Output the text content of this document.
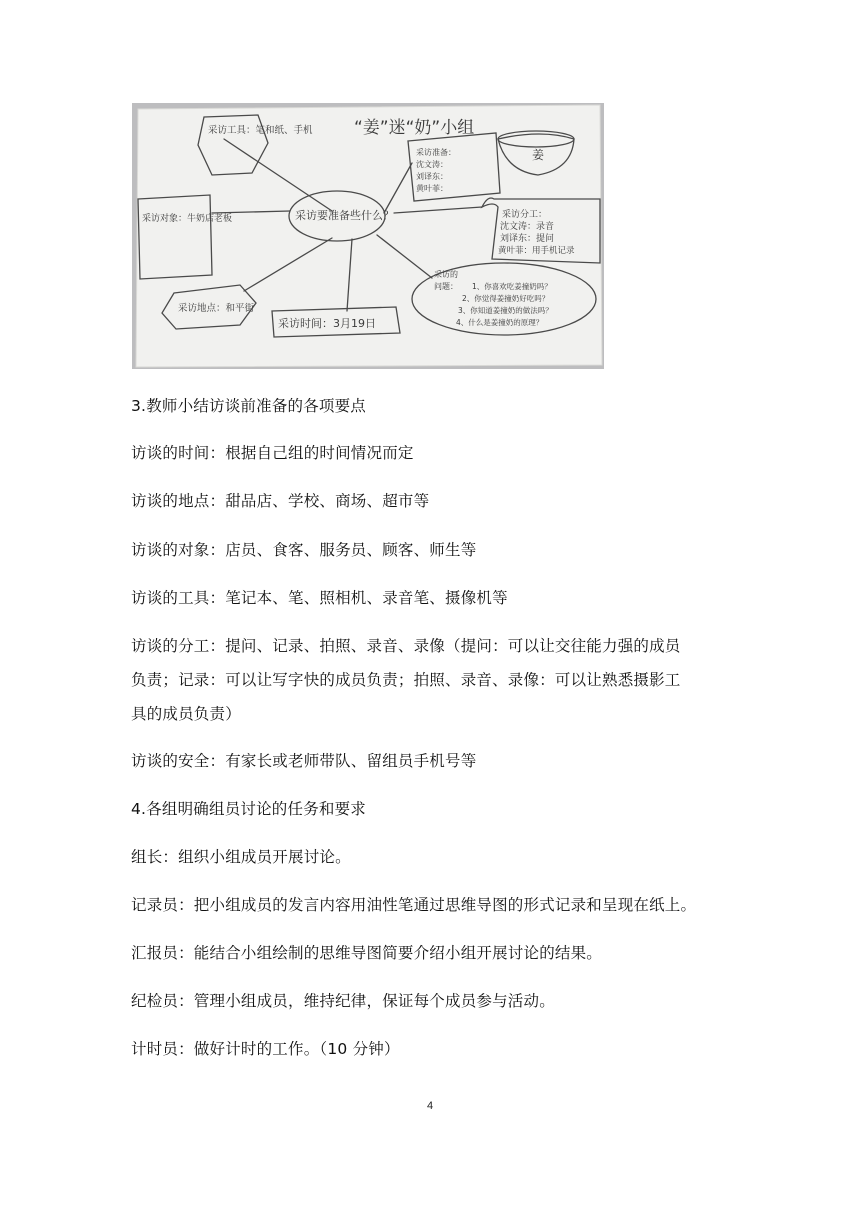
采访工具：笔和纸、手机 “姜”迷“奶”小组
姜
采访要准备些什么？
采访准备：
沈文涛：
刘译东：
黄叶菲：
采访分工：
沈文涛：录音
刘译东：提问
黄叶菲：用手机记录
采访对象：牛奶店老板
采访的
问题： 1、你喜欢吃姜撞奶吗？
2、你觉得姜撞奶好吃吗？
3、你知道姜撞奶的做法吗？
4、什么是姜撞奶的原理？
采访地点：和平街
采访时间：3月19日
3.教师小结访谈前准备的各项要点
访谈的时间：根据自己组的时间情况而定
访谈的地点：甜品店、学校、商场、超市等
访谈的对象：店员、食客、服务员、顾客、师生等
访谈的工具：笔记本、笔、照相机、录音笔、摄像机等
访谈的分工：提问、记录、拍照、录音、录像（提问：可以让交往能力强的成员
负责；记录：可以让写字快的成员负责；拍照、录音、录像：可以让熟悉摄影工
具的成员负责）
访谈的安全：有家长或老师带队、留组员手机号等
4.各组明确组员讨论的任务和要求
组长：组织小组成员开展讨论。
记录员：把小组成员的发言内容用油性笔通过思维导图的形式记录和呈现在纸上。
汇报员：能结合小组绘制的思维导图简要介绍小组开展讨论的结果。
纪检员：管理小组成员，维持纪律，保证每个成员参与活动。
计时员：做好计时的工作。（10 分钟）
4
